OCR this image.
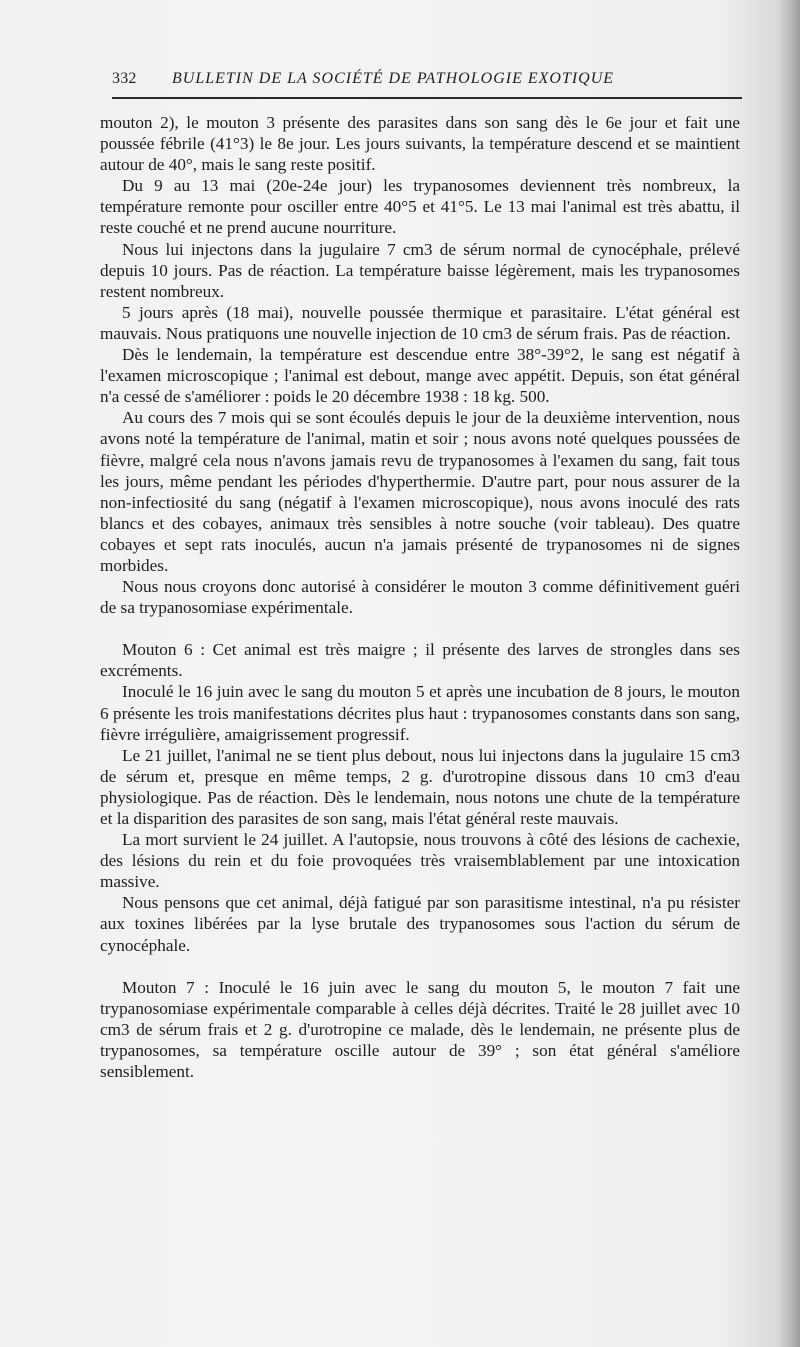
332 BULLETIN DE LA SOCIÉTÉ DE PATHOLOGIE EXOTIQUE

mouton 2), le mouton 3 présente des parasites dans son sang dès le 6e jour et fait une poussée fébrile (41°3) le 8e jour. Les jours suivants, la température descend et se maintient autour de 40°, mais le sang reste positif.

Du 9 au 13 mai (20e-24e jour) les trypanosomes deviennent très nombreux, la température remonte pour osciller entre 40°5 et 41°5. Le 13 mai l'animal est très abattu, il reste couché et ne prend aucune nourriture.

Nous lui injectons dans la jugulaire 7 cm3 de sérum normal de cynocéphale, prélevé depuis 10 jours. Pas de réaction. La température baisse légèrement, mais les trypanosomes restent nombreux.

5 jours après (18 mai), nouvelle poussée thermique et parasitaire. L'état général est mauvais. Nous pratiquons une nouvelle injection de 10 cm3 de sérum frais. Pas de réaction.

Dès le lendemain, la température est descendue entre 38°-39°2, le sang est négatif à l'examen microscopique ; l'animal est debout, mange avec appétit. Depuis, son état général n'a cessé de s'améliorer : poids le 20 décembre 1938 : 18 kg. 500.

Au cours des 7 mois qui se sont écoulés depuis le jour de la deuxième intervention, nous avons noté la température de l'animal, matin et soir ; nous avons noté quelques poussées de fièvre, malgré cela nous n'avons jamais revu de trypanosomes à l'examen du sang, fait tous les jours, même pendant les périodes d'hyperthermie. D'autre part, pour nous assurer de la non-infectiosité du sang (négatif à l'examen microscopique), nous avons inoculé des rats blancs et des cobayes, animaux très sensibles à notre souche (voir tableau). Des quatre cobayes et sept rats inoculés, aucun n'a jamais présenté de trypanosomes ni de signes morbides.

Nous nous croyons donc autorisé à considérer le mouton 3 comme définitivement guéri de sa trypanosomiase expérimentale.

Mouton 6 : Cet animal est très maigre ; il présente des larves de strongles dans ses excréments.

Inoculé le 16 juin avec le sang du mouton 5 et après une incubation de 8 jours, le mouton 6 présente les trois manifestations décrites plus haut : trypanosomes constants dans son sang, fièvre irrégulière, amaigrissement progressif.

Le 21 juillet, l'animal ne se tient plus debout, nous lui injectons dans la jugulaire 15 cm3 de sérum et, presque en même temps, 2 g. d'urotropine dissous dans 10 cm3 d'eau physiologique. Pas de réaction. Dès le lendemain, nous notons une chute de la température et la disparition des parasites de son sang, mais l'état général reste mauvais.

La mort survient le 24 juillet. A l'autopsie, nous trouvons à côté des lésions de cachexie, des lésions du rein et du foie provoquées très vraisemblablement par une intoxication massive.

Nous pensons que cet animal, déjà fatigué par son parasitisme intestinal, n'a pu résister aux toxines libérées par la lyse brutale des trypanosomes sous l'action du sérum de cynocéphale.

Mouton 7 : Inoculé le 16 juin avec le sang du mouton 5, le mouton 7 fait une trypanosomiase expérimentale comparable à celles déjà décrites. Traité le 28 juillet avec 10 cm3 de sérum frais et 2 g. d'urotropine ce malade, dès le lendemain, ne présente plus de trypanosomes, sa température oscille autour de 39° ; son état général s'améliore sensiblement.
